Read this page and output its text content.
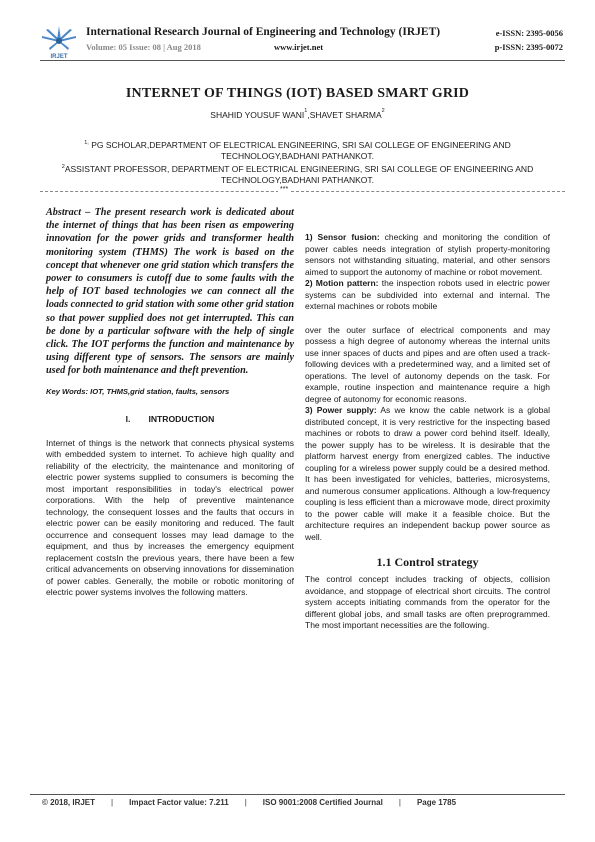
IRJET
International Research Journal of Engineering and Technology (IRJET)	e-ISSN: 2395-0056
Volume: 05 Issue: 08 | Aug 2018	www.irjet.net	p-ISSN: 2395-0072
INTERNET OF THINGS (IOT) BASED SMART GRID
SHAHID YOUSUF WANI$^1$,SHAVET SHARMA$^2$
$^{1,}$ PG SCHOLAR,DEPARTMENT OF ELECTRICAL ENGINEERING, SRI SAI COLLEGE OF ENGINEERING AND TECHNOLOGY,BADHANI PATHANKOT.
$^2$ASSISTANT PROFESSOR, DEPARTMENT OF ELECTRICAL ENGINEERING, SRI SAI COLLEGE OF ENGINEERING AND TECHNOLOGY,BADHANI PATHANKOT.
***

Abstract – The present research work is dedicated about the internet of things that has been risen as empowering innovation for the power grids and transformer health monitoring system (THMS) The work is based on the concept that whenever one grid station which transfers the power to consumers is cutoff due to some faults with the help of IOT based technologies we can connect all the loads connected to grid station with some other grid station so that power supplied does not get interrupted. This can be done by a particular software with the help of single click. The IOT performs the function and maintenance by using different type of sensors. The sensors are mainly used for both maintenance and theft prevention.

Key Words: IOT, THMS,grid station, faults, sensors
I. INTRODUCTION

Internet of things is the network that connects physical systems with embedded system to internet. To achieve high quality and reliability of the electricity, the maintenance and monitoring of electric power systems supplied to consumers is becoming the most important responsibilities in today's electrical power corporations. With the help of preventive maintenance technology, the consequent losses and the faults that occurs in electric power can be easily monitoring and reduced. The fault occurrence and consequent losses may lead damage to the equipment, and thus by increases the emergency equipment replacement costsIn the previous years, there have been a few critical advancements on observing innovations for dissemination of power cables. Generally, the mobile or robotic monitoring of electric power systems involves the following matters.

1) Sensor fusion: checking and monitoring the condition of power cables needs integration of stylish property-monitoring sensors not withstanding situating, material, and other sensors aimed to support the autonomy of machine or robot movement.

2) Motion pattern: the inspection robots used in electric power systems can be subdivided into external and internal. The external machines or robots mobile

over the outer surface of electrical components and may possess a high degree of autonomy whereas the internal units use inner spaces of ducts and pipes and are often used a track-following devices with a predetermined way, and a limited set of operations. The level of autonomy depends on the task. For example, routine inspection and maintenance require a high degree of autonomy for economic reasons.

3) Power supply: As we know the cable network is a global distributed concept, it is very restrictive for the inspecting based machines or robots to draw a power cord behind itself. Ideally, the power supply has to be wireless. It is desirable that the platform harvest energy from energized cables. The inductive coupling for a wireless power supply could be a desired method. It has been investigated for vehicles, batteries, microsystems, and numerous consumer applications. Although a low-frequency coupling is less efficient than a microwave mode, direct proximity to the power cable will make it a feasible choice. But the architecture requires an independent backup power source as well.

1.1 Control strategy

The control concept includes tracking of objects, collision avoidance, and stoppage of electrical short circuits. The control system accepts initiating commands from the operator for the different global jobs, and small tasks are often preprogrammed. The most important necessities are the following.

© 2018, IRJET | Impact Factor value: 7.211 | ISO 9001:2008 Certified Journal | Page 1785
